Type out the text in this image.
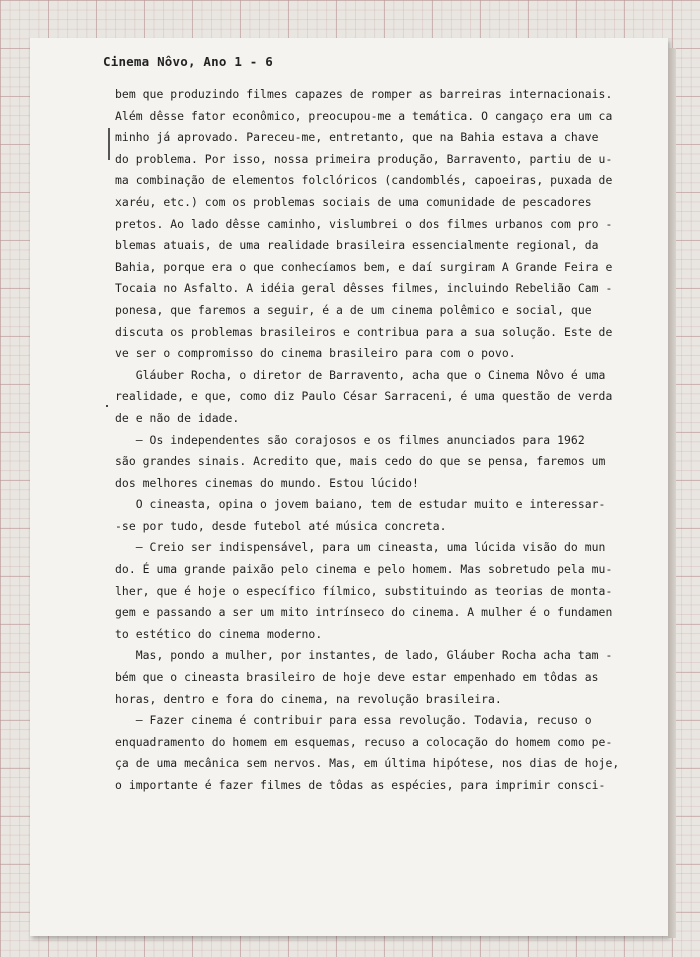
Cinema Nôvo, Ano 1 - 6
bem que produzindo filmes capazes de romper as barreiras internacionais.
Além dêsse fator econômico, preocupou-me a temática. O cangaço era um ca
minho já aprovado. Pareceu-me, entretanto, que na Bahia estava a chave
do problema. Por isso, nossa primeira produção, Barravento, partiu de u-
ma combinação de elementos folclóricos (candomblés, capoeiras, puxada de
xaréu, etc.) com os problemas sociais de uma comunidade de pescadores
pretos. Ao lado dêsse caminho, vislumbrei o dos filmes urbanos com pro -
blemas atuais, de uma realidade brasileira essencialmente regional, da
Bahia, porque era o que conhecíamos bem, e daí surgiram A Grande Feira e
Tocaia no Asfalto. A idéia geral dêsses filmes, incluindo Rebelião Cam -
ponesa, que faremos a seguir, é a de um cinema polêmico e social, que
discuta os problemas brasileiros e contribua para a sua solução. Este de
ve ser o compromisso do cinema brasileiro para com o povo.
Gláuber Rocha, o diretor de Barravento, acha que o Cinema Nôvo é uma
realidade, e que, como diz Paulo César Sarraceni, é uma questão de verda
de e não de idade.
— Os independentes são corajosos e os filmes anunciados para 1962
são grandes sinais. Acredito que, mais cedo do que se pensa, faremos um
dos melhores cinemas do mundo. Estou lúcido!
O cineasta, opina o jovem baiano, tem de estudar muito e interessar-
-se por tudo, desde futebol até música concreta.
— Creio ser indispensável, para um cineasta, uma lúcida visão do mun
do. É uma grande paixão pelo cinema e pelo homem. Mas sobretudo pela mu-
lher, que é hoje o específico fílmico, substituindo as teorias de monta-
gem e passando a ser um mito intrínseco do cinema. A mulher é o fundamen
to estético do cinema moderno.
Mas, pondo a mulher, por instantes, de lado, Gláuber Rocha acha tam -
bém que o cineasta brasileiro de hoje deve estar empenhado em tôdas as
horas, dentro e fora do cinema, na revolução brasileira.
— Fazer cinema é contribuir para essa revolução. Todavia, recuso o
enquadramento do homem em esquemas, recuso a colocação do homem como pe-
ça de uma mecânica sem nervos. Mas, em última hipótese, nos dias de hoje,
o importante é fazer filmes de tôdas as espécies, para imprimir consci-
